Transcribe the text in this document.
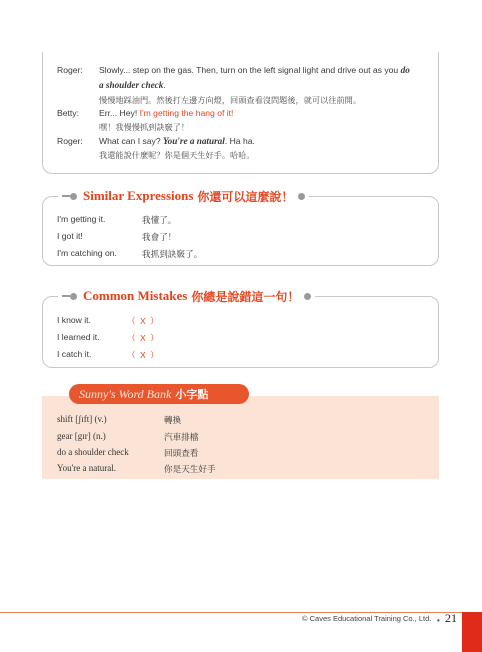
Roger: Slowly... step on the gas. Then, turn on the left signal light and drive out as you do
a shoulder check.
慢慢地踩油門。然後打左邊方向燈，回頭查看沒問題後，就可以往前開。
Betty: Err... Hey! I'm getting the hang of it!
嘿！我慢慢抓到訣竅了！
Roger: What can I say? You're a natural. Ha ha.
我還能說什麼呢？你是個天生好手。哈哈。
Similar Expressions 你還可以這麼說！
I'm getting it.	我懂了。
I got it!	我會了！
I'm catching on.	我抓到訣竅了。
Common Mistakes 你總是說錯這一句！
I know it.	（ X ）
I learned it.	（ X ）
I catch it.	（ X ）
Sunny's Word Bank 小字點
shift [ʃɪft] (v.)	轉換
gear [gɪr] (n.)	汽車排檔
do a shoulder check	回頭查看
You're a natural.	你是天生好手
© Caves Educational Training Co., Ltd. • 21
